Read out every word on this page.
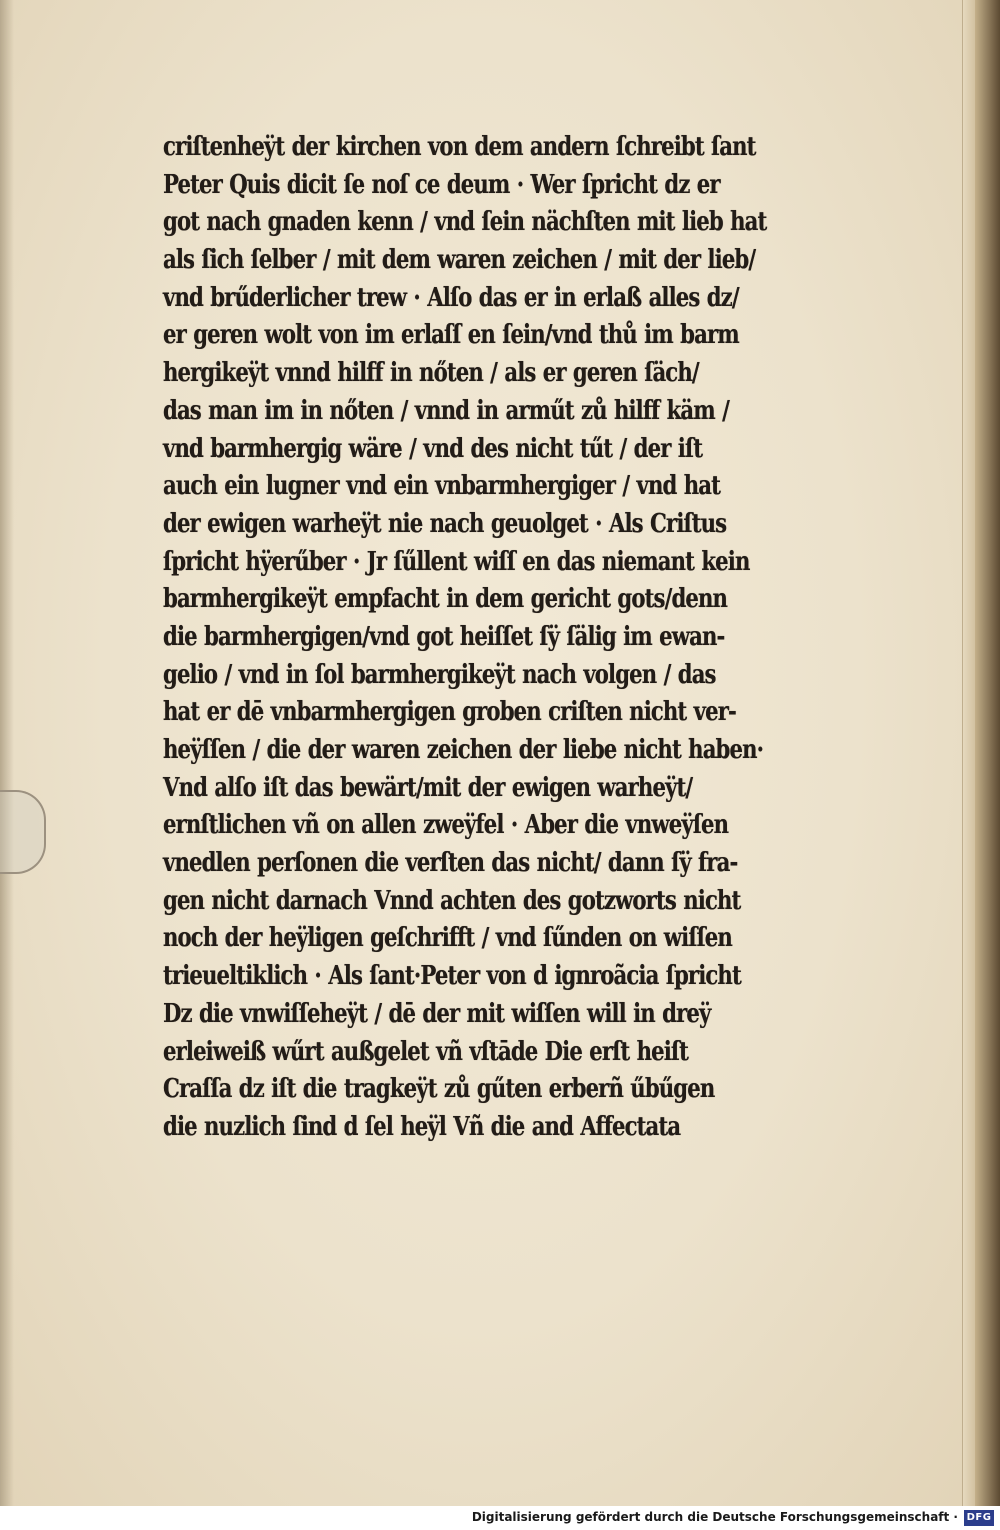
criſtenheÿt der kirchen von dem andern ſchreibt ſant
Peter Quis dicit ſe noſ ce deum · Wer ſpricht dz er
got nach gnaden kenn / vnd ſein nächſten mit lieb hat
als ſich ſelber / mit dem waren zeichen / mit der lieb/
vnd brűderlicher trew · Alſo das er in erlaß alles dz/
er geren wolt von im erlaſſ en ſein/vnd thů im barm
hergikeÿt vnnd hilff in nőten / als er geren ſäch/
das man im in nőten / vnnd in arműt zů hilff käm /
vnd barmhergig wäre / vnd des nicht tűt / der iſt
auch ein lugner vnd ein vnbarmhergiger / vnd hat
der ewigen warheÿt nie nach geuolget · Als Criſtus
ſpricht hÿerűber · Jr ſűllent wiſſ en das niemant kein
barmhergikeÿt empfacht in dem gericht gots/denn
die barmhergigen/vnd got heiſſet ſÿ ſälig im ewan-
gelio / vnd in ſol barmhergikeÿt nach volgen / das
hat er dē vnbarmhergigen groben criſten nicht ver-
heÿſſen / die der waren zeichen der liebe nicht haben·
Vnd alſo iſt das bewärt/mit der ewigen warheÿt/
ernſtlichen vñ on allen zweÿfel · Aber die vnweÿſen
vnedlen perſonen die verſten das nicht/ dann ſÿ fra-
gen nicht darnach Vnnd achten des gotzworts nicht
noch der heÿligen geſchrifft / vnd ſűnden on wiſſen
trieueltiklich · Als ſant·Peter von d ignroãcia ſpricht
Dz die vnwiſſeheÿt / dē der mit wiſſen will in dreÿ
erleiweiß wűrt außgelet vñ vſtāde Die erſt heiſt
Craſſa dz iſt die tragkeÿt zů gűten erberñ űbűgen
die nuzlich ſind d ſel heÿl Vñ die and Affectata
Digitalisierung gefördert durch die Deutsche Forschungsgemeinschaft · DFG
